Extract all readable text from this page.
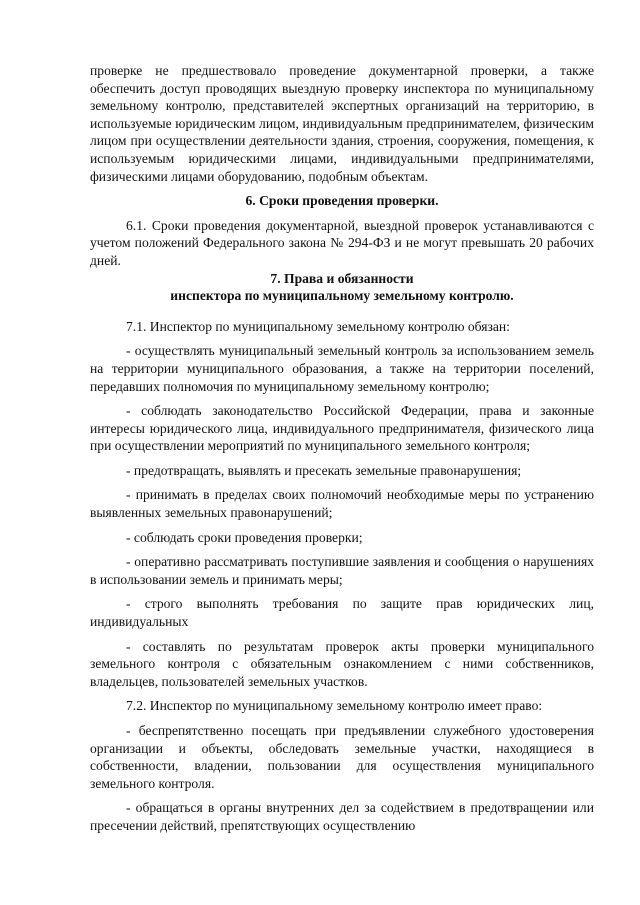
проверке не предшествовало проведение документарной проверки, а также обеспечить доступ проводящих выездную проверку инспектора по муниципальному земельному контролю, представителей экспертных организаций на территорию, в используемые юридическим лицом, индивидуальным предпринимателем, физическим лицом при осуществлении деятельности здания, строения, сооружения, помещения, к используемым юридическими лицами, индивидуальными предпринимателями, физическими лицами оборудованию, подобным объектам.

6. Сроки проведения проверки.

6.1. Сроки проведения документарной, выездной проверок устанавливаются с учетом положений Федерального закона № 294-ФЗ и не могут превышать 20 рабочих дней.

7. Права и обязанности

инспектора по муниципальному земельному контролю.

7.1. Инспектор по муниципальному земельному контролю обязан:

- осуществлять муниципальный земельный контроль за использованием земель на территории муниципального образования, а также на территории поселений, передавших полномочия по муниципальному земельному контролю;

- соблюдать законодательство Российской Федерации, права и законные интересы юридического лица, индивидуального предпринимателя, физического лица при осуществлении мероприятий по муниципального земельного контроля;

- предотвращать, выявлять и пресекать земельные правонарушения;

- принимать в пределах своих полномочий необходимые меры по устранению выявленных земельных правонарушений;

- соблюдать сроки проведения проверки;

- оперативно рассматривать поступившие заявления и сообщения о нарушениях в использовании земель и принимать меры;

- строго выполнять требования по защите прав юридических лиц, индивидуальных

- составлять по результатам проверок акты проверки муниципального земельного контроля с обязательным ознакомлением с ними собственников, владельцев, пользователей земельных участков.

7.2. Инспектор по муниципальному земельному контролю имеет право:

- беспрепятственно посещать при предъявлении служебного удостоверения организации и объекты, обследовать земельные участки, находящиеся в собственности, владении, пользовании для осуществления муниципального земельного контроля.

- обращаться в органы внутренних дел за содействием в предотвращении или пресечении действий, препятствующих осуществлению
